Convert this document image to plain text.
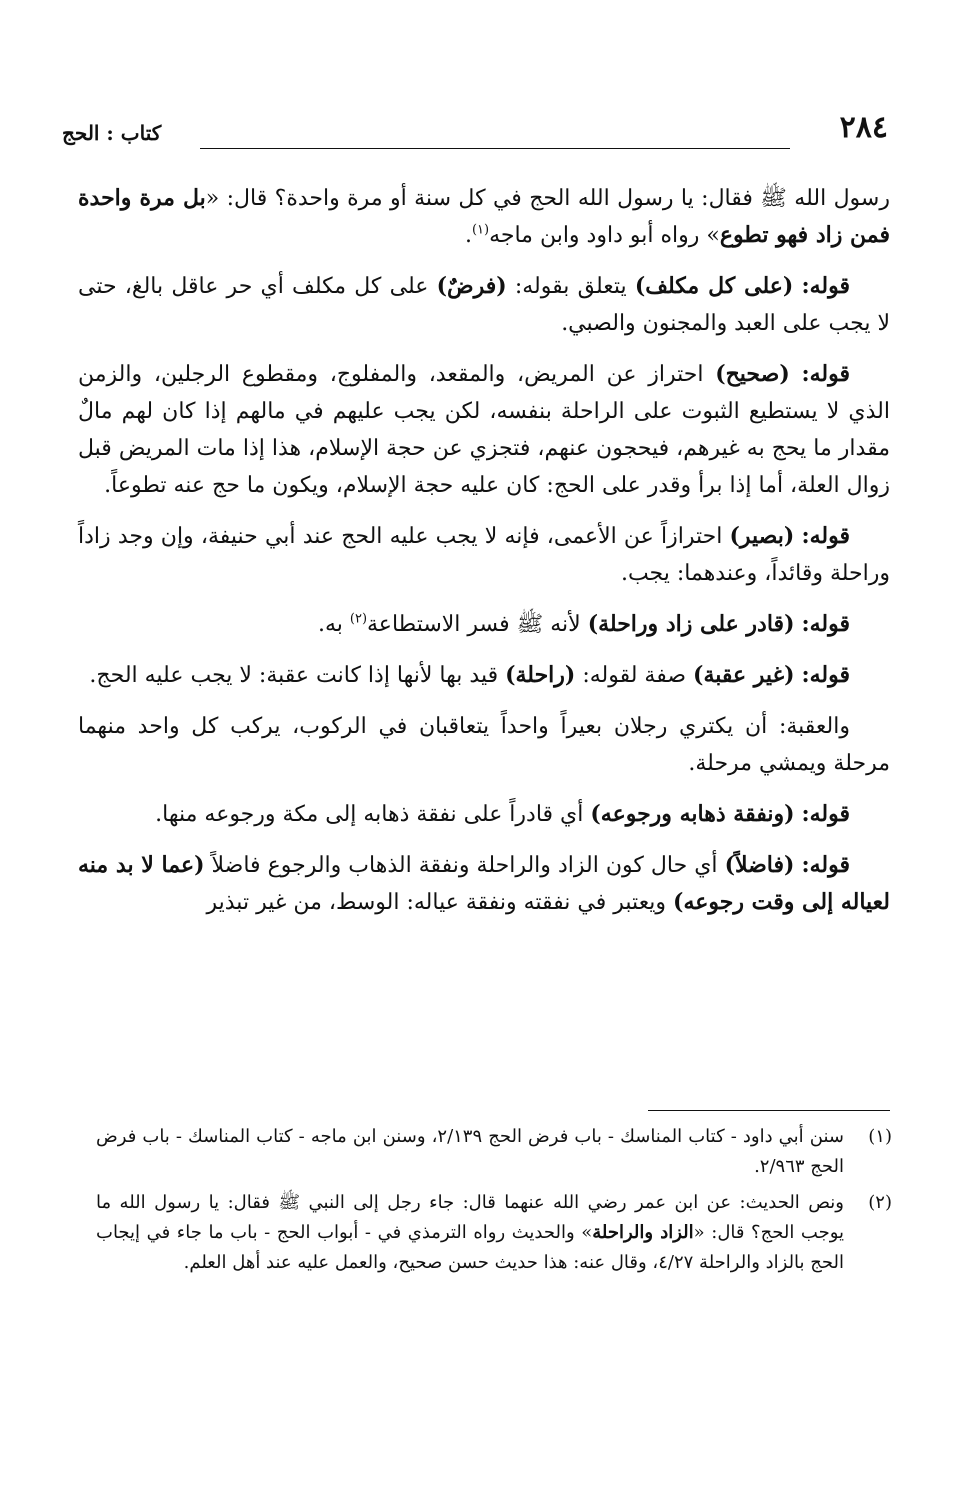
٢٨٤
كتاب : الحج

رسول الله ﷺ فقال: يا رسول الله الحج في كل سنة أو مرة واحدة؟ قال: «بل مرة واحدة فمن زاد فهو تطوع» رواه أبو داود وابن ماجه$^{(١)}$.

قوله: (على كل مكلف) يتعلق بقوله: (فرضٌ) على كل مكلف أي حر عاقل بالغ، حتى لا يجب على العبد والمجنون والصبي.

قوله: (صحيح) احتراز عن المريض، والمقعد، والمفلوج، ومقطوع الرجلين، والزمن الذي لا يستطيع الثبوت على الراحلة بنفسه، لكن يجب عليهم في مالهم إذا كان لهم مالٌ مقدار ما يحج به غيرهم، فيحجون عنهم، فتجزي عن حجة الإسلام، هذا إذا مات المريض قبل زوال العلة، أما إذا برأ وقدر على الحج: كان عليه حجة الإسلام، ويكون ما حج عنه تطوعاً.

قوله: (بصير) احترازاً عن الأعمى، فإنه لا يجب عليه الحج عند أبي حنيفة، وإن وجد زاداً وراحلة وقائداً، وعندهما: يجب.

قوله: (قادر على زاد وراحلة) لأنه ﷺ فسر الاستطاعة$^{(٢)}$ به.

قوله: (غير عقبة) صفة لقوله: (راحلة) قيد بها لأنها إذا كانت عقبة: لا يجب عليه الحج.

والعقبة: أن يكتري رجلان بعيراً واحداً يتعاقبان في الركوب، يركب كل واحد منهما مرحلة ويمشي مرحلة.

قوله: (ونفقة ذهابه ورجوعه) أي قادراً على نفقة ذهابه إلى مكة ورجوعه منها.

قوله: (فاضلاً) أي حال كون الزاد والراحلة ونفقة الذهاب والرجوع فاضلاً (عما لا بد منه لعياله إلى وقت رجوعه) ويعتبر في نفقته ونفقة عياله: الوسط، من غير تبذير

(١)
سنن أبي داود - كتاب المناسك - باب فرض الحج ٢/١٣٩، وسنن ابن ماجه - كتاب المناسك - باب فرض الحج ٢/٩٦٣.
(٢)
ونص الحديث: عن ابن عمر رضي الله عنهما قال: جاء رجل إلى النبي ﷺ فقال: يا رسول الله ما يوجب الحج؟ قال: «الزاد والراحلة» والحديث رواه الترمذي في - أبواب الحج - باب ما جاء في إيجاب الحج بالزاد والراحلة ٤/٢٧، وقال عنه: هذا حديث حسن صحيح، والعمل عليه عند أهل العلم.
